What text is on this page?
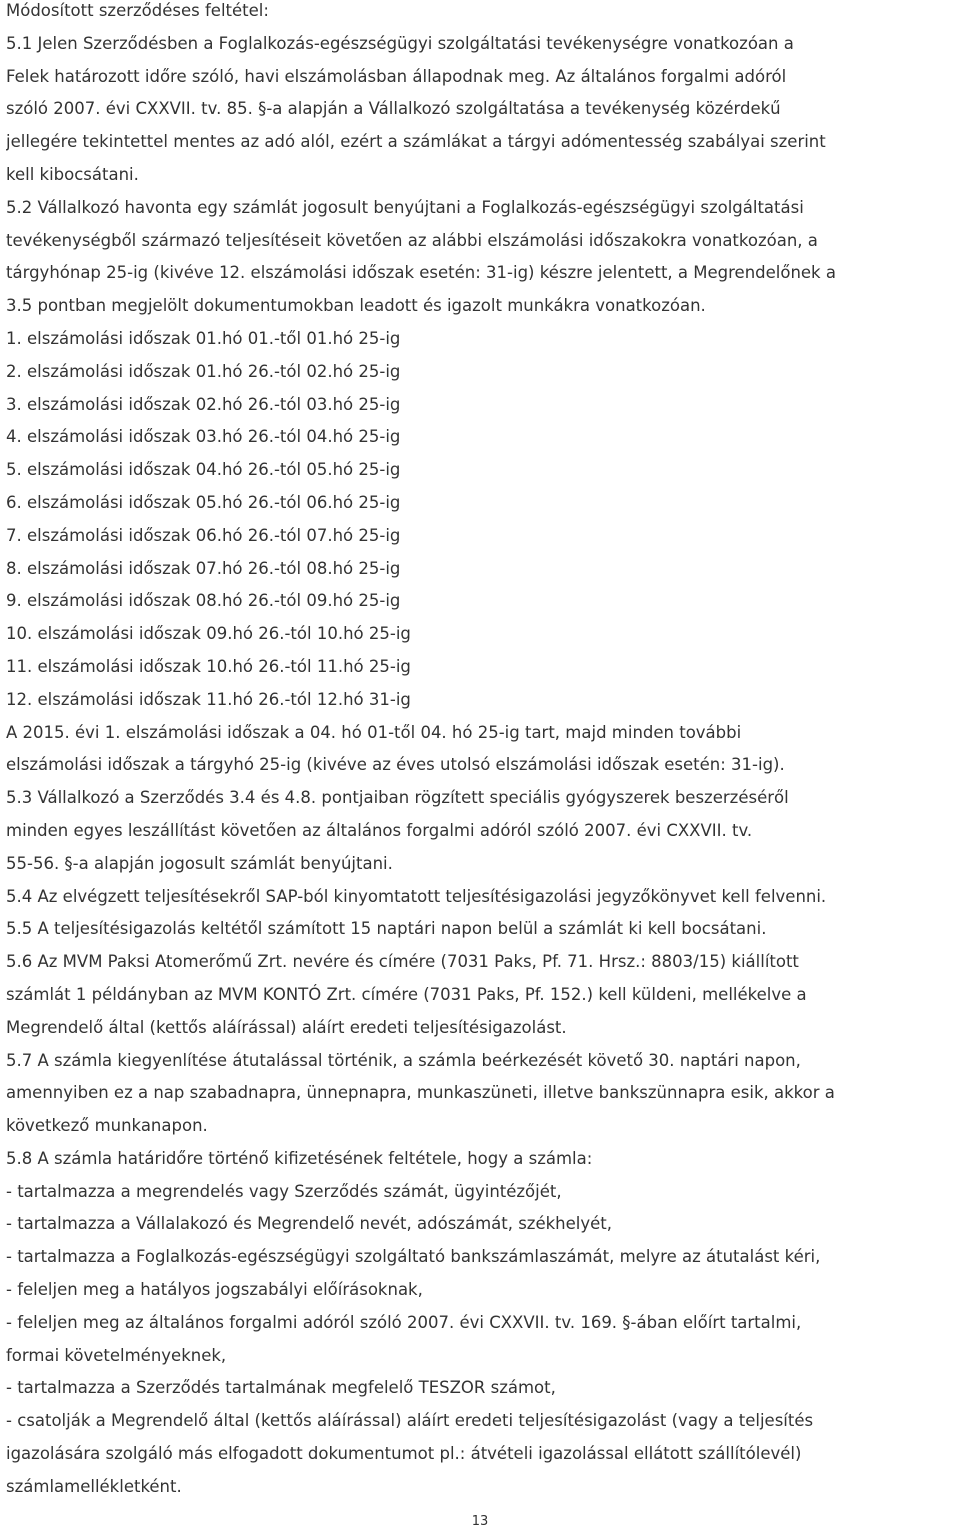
Módosított szerződéses feltétel:
5.1 Jelen Szerződésben a Foglalkozás-egészségügyi szolgáltatási tevékenységre vonatkozóan a
Felek határozott időre szóló, havi elszámolásban állapodnak meg. Az általános forgalmi adóról
szóló 2007. évi CXXVII. tv. 85. §-a alapján a Vállalkozó szolgáltatása a tevékenység közérdekű
jellegére tekintettel mentes az adó alól, ezért a számlákat a tárgyi adómentesség szabályai szerint
kell kibocsátani.
5.2 Vállalkozó havonta egy számlát jogosult benyújtani a Foglalkozás-egészségügyi szolgáltatási
tevékenységből származó teljesítéseit követően az alábbi elszámolási időszakokra vonatkozóan, a
tárgyhónap 25-ig (kivéve 12. elszámolási időszak esetén: 31-ig) készre jelentett, a Megrendelőnek a
3.5 pontban megjelölt dokumentumokban leadott és igazolt munkákra vonatkozóan.
1. elszámolási időszak 01.hó 01.-től 01.hó 25-ig
2. elszámolási időszak 01.hó 26.-tól 02.hó 25-ig
3. elszámolási időszak 02.hó 26.-tól 03.hó 25-ig
4. elszámolási időszak 03.hó 26.-tól 04.hó 25-ig
5. elszámolási időszak 04.hó 26.-tól 05.hó 25-ig
6. elszámolási időszak 05.hó 26.-tól 06.hó 25-ig
7. elszámolási időszak 06.hó 26.-tól 07.hó 25-ig
8. elszámolási időszak 07.hó 26.-tól 08.hó 25-ig
9. elszámolási időszak 08.hó 26.-tól 09.hó 25-ig
10. elszámolási időszak 09.hó 26.-tól 10.hó 25-ig
11. elszámolási időszak 10.hó 26.-tól 11.hó 25-ig
12. elszámolási időszak 11.hó 26.-tól 12.hó 31-ig
A 2015. évi 1. elszámolási időszak a 04. hó 01-től 04. hó 25-ig tart, majd minden további
elszámolási időszak a tárgyhó 25-ig (kivéve az éves utolsó elszámolási időszak esetén: 31-ig).
5.3 Vállalkozó a Szerződés 3.4 és 4.8. pontjaiban rögzített speciális gyógyszerek beszerzéséről
minden egyes leszállítást követően az általános forgalmi adóról szóló 2007. évi CXXVII. tv.
55-56. §-a alapján jogosult számlát benyújtani.
5.4 Az elvégzett teljesítésekről SAP-ból kinyomtatott teljesítésigazolási jegyzőkönyvet kell felvenni.
5.5 A teljesítésigazolás keltétől számított 15 naptári napon belül a számlát ki kell bocsátani.
5.6 Az MVM Paksi Atomerőmű Zrt. nevére és címére (7031 Paks, Pf. 71. Hrsz.: 8803/15) kiállított
számlát 1 példányban az MVM KONTÓ Zrt. címére (7031 Paks, Pf. 152.) kell küldeni, mellékelve a
Megrendelő által (kettős aláírással) aláírt eredeti teljesítésigazolást.
5.7 A számla kiegyenlítése átutalással történik, a számla beérkezését követő 30. naptári napon,
amennyiben ez a nap szabadnapra, ünnepnapra, munkaszüneti, illetve bankszünnapra esik, akkor a
következő munkanapon.
5.8 A számla határidőre történő kifizetésének feltétele, hogy a számla:
- tartalmazza a megrendelés vagy Szerződés számát, ügyintézőjét,
- tartalmazza a Vállalakozó és Megrendelő nevét, adószámát, székhelyét,
- tartalmazza a Foglalkozás-egészségügyi szolgáltató bankszámlaszámát, melyre az átutalást kéri,
- feleljen meg a hatályos jogszabályi előírásoknak,
- feleljen meg az általános forgalmi adóról szóló 2007. évi CXXVII. tv. 169. §-ában előírt tartalmi,
formai követelményeknek,
- tartalmazza a Szerződés tartalmának megfelelő TESZOR számot,
- csatolják a Megrendelő által (kettős aláírással) aláírt eredeti teljesítésigazolást (vagy a teljesítés
igazolására szolgáló más elfogadott dokumentumot pl.: átvételi igazolással ellátott szállítólevél)
számlamellékletként.
13
